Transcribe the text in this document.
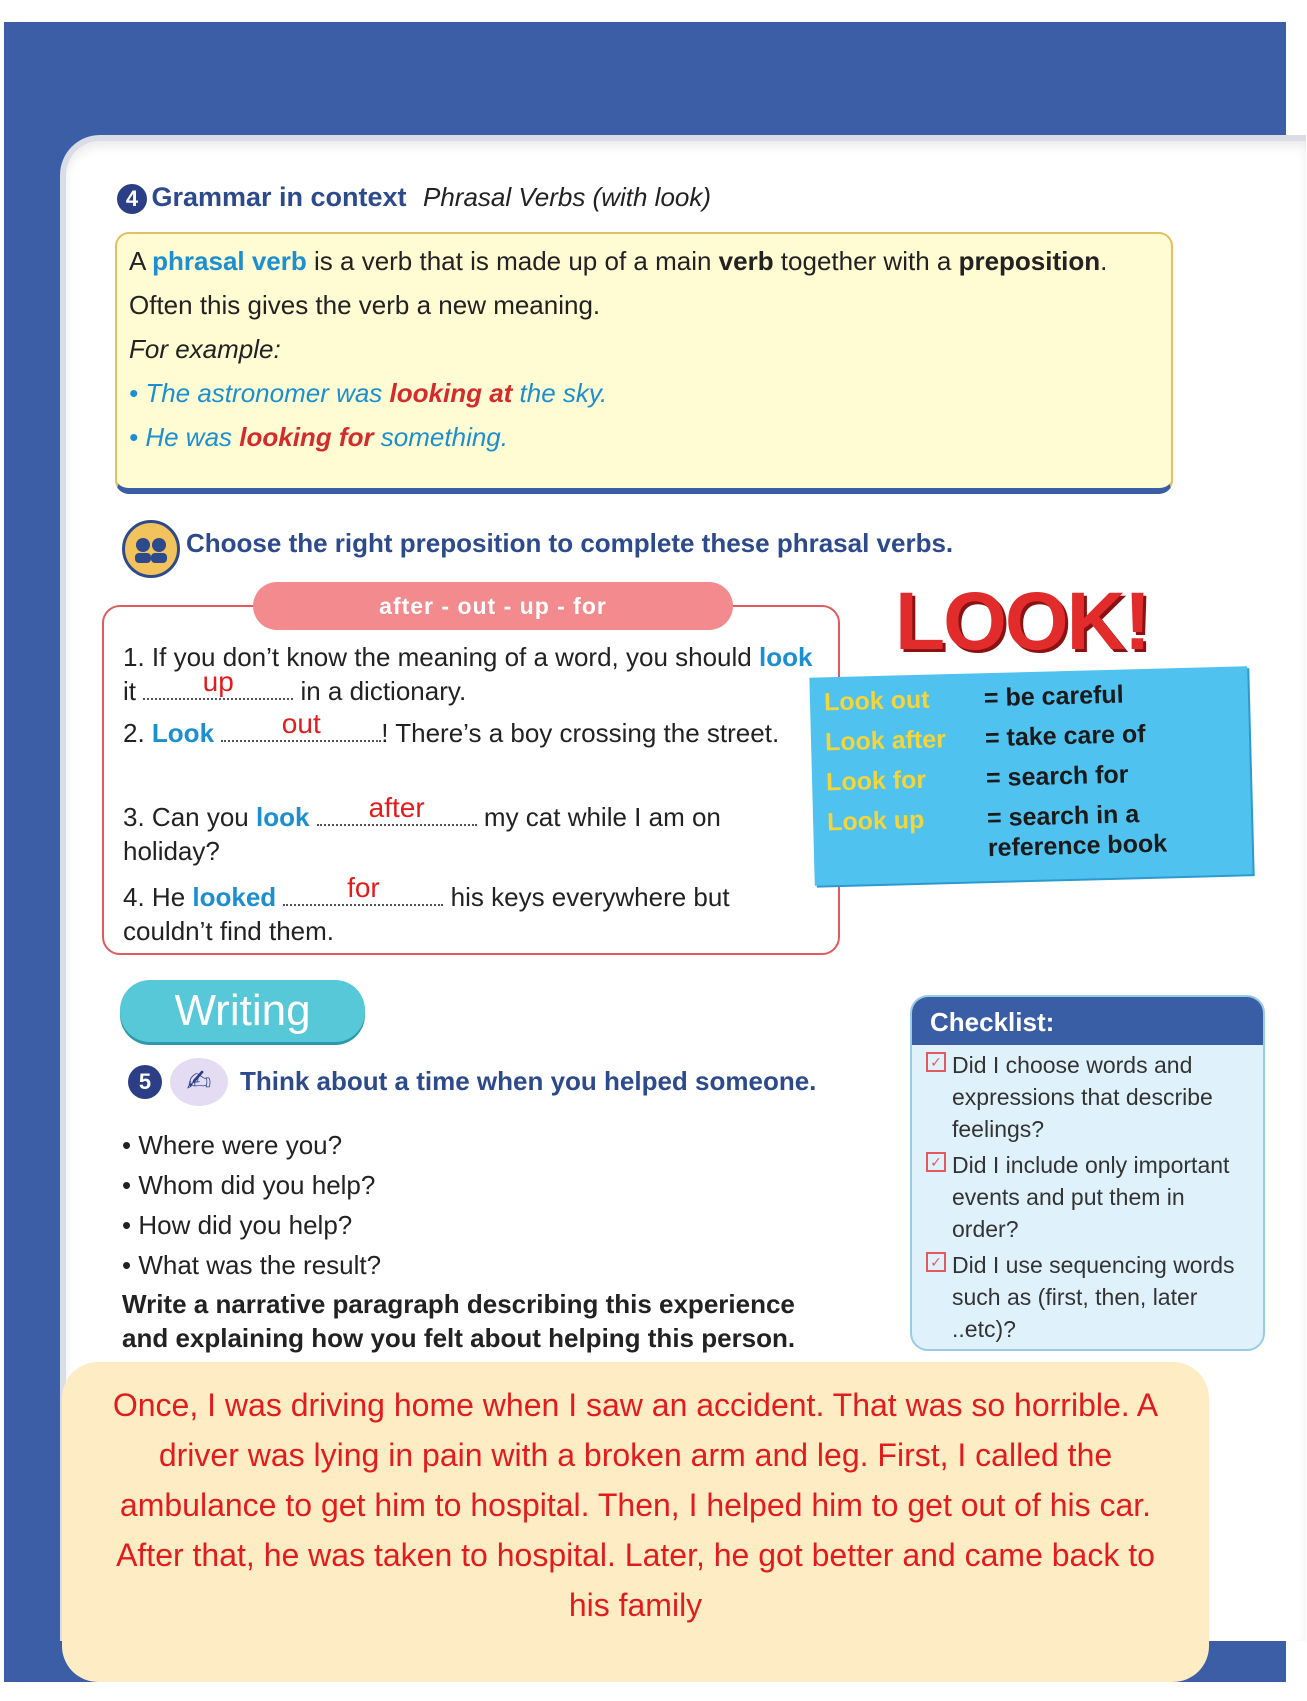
4 Grammar in context Phrasal Verbs (with look)

A phrasal verb is a verb that is made up of a main verb together with a preposition.

Often this gives the verb a new meaning.

For example:

• The astronomer was looking at the sky.

• He was looking for something.

Choose the right preposition to complete these phrasal verbs.
after - out - up - for
1. If you don’t know the meaning of a word, you should look it	up	in a dictionary.
2. Look	out	! There’s a boy crossing the street.
3. Can you look	after	my cat while I am on holiday?
4. He looked	for	his keys everywhere but couldn’t find them.
LOOK!
Look out = be careful
Look after = take care of
Look for = search for
Look up = search in a reference book
Writing
5	✍	Think about a time when you helped someone.
• Where were you?
• Whom did you help?
• How did you help?
• What was the result?
Write a narrative paragraph describing this experience
and explaining how you felt about helping this person.
Checklist:
✓ Did I choose words and expressions that describe feelings?
✓ Did I include only important events and put them in order?
✓ Did I use sequencing words such as (first, then, later ..etc)?
Once, I was driving home when I saw an accident. That was so horrible. A driver was lying in pain with a broken arm and leg. First, I called the ambulance to get him to hospital. Then, I helped him to get out of his car. After that, he was taken to hospital. Later, he got better and came back to his family
